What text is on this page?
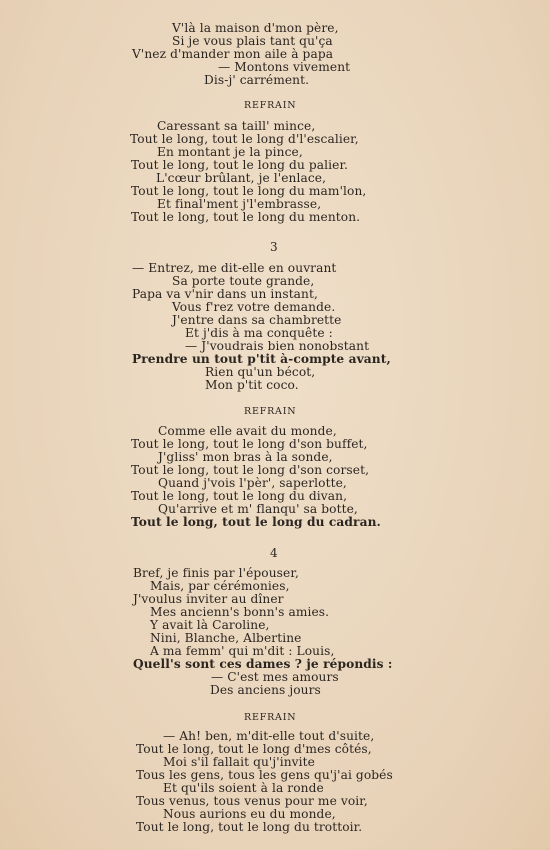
V'là la maison d'mon père,
Si je vous plais tant qu'ça
V'nez d'mander mon aile à papa
— Montons vivement
Dis-j' carrément.
Caressant sa taill' mince,
Tout le long, tout le long d'l'escalier,
En montant je la pince,
Tout le long, tout le long du palier.
L'cœur brûlant, je l'enlace,
Tout le long, tout le long du mam'lon,
Et final'ment j'l'embrasse,
Tout le long, tout le long du menton.
— Entrez, me dit-elle en ouvrant
Sa porte toute grande,
Papa va v'nir dans un instant,
Vous f'rez votre demande.
J'entre dans sa chambrette
Et j'dis à ma conquête :
— J'voudrais bien nonobstant
Prendre un tout p'tit à-compte avant,
Rien qu'un bécot,
Mon p'tit coco.
Comme elle avait du monde,
Tout le long, tout le long d'son buffet,
J'gliss' mon bras à la sonde,
Tout le long, tout le long d'son corset,
Quand j'vois l'pèr', saperlotte,
Tout le long, tout le long du divan,
Qu'arrive et m' flanqu' sa botte,
Tout le long, tout le long du cadran.
Bref, je finis par l'épouser,
Mais, par cérémonies,
J'voulus inviter au dîner
Mes ancienn's bonn's amies.
Y avait là Caroline,
Nini, Blanche, Albertine
A ma femm' qui m'dit : Louis,
Quell's sont ces dames ? je répondis :
— C'est mes amours
Des anciens jours
— Ah! ben, m'dit-elle tout d'suite,
Tout le long, tout le long d'mes côtés,
Moi s'il fallait qu'j'invite
Tous les gens, tous les gens qu'j'ai gobés
Et qu'ils soient à la ronde
Tous venus, tous venus pour me voir,
Nous aurions eu du monde,
Tout le long, tout le long du trottoir.
REFRAIN
REFRAIN
REFRAIN
3
4
